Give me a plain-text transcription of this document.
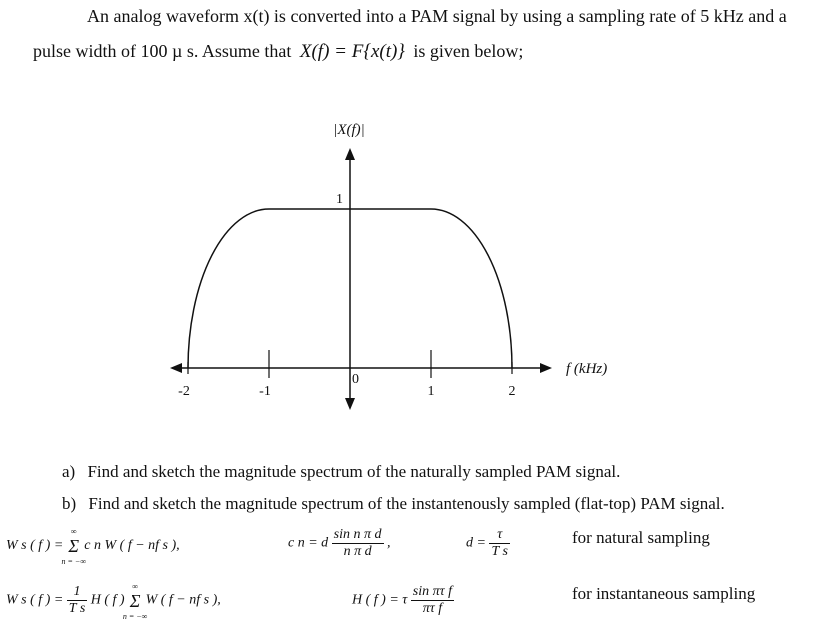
An analog waveform x(t) is converted into a PAM signal by using a sampling rate of 5 kHz and a
pulse width of 100 µ s. Assume that X(f) = F{x(t)} is given below;
|X(f)|
f (kHz)
1
0
-2	-1	1	2
a) Find and sketch the magnitude spectrum of the naturally sampled PAM signal.
b) Find and sketch the magnitude spectrum of the instantenously sampled (flat-top) PAM signal.
W s ( f ) = Σ
∞
n = −∞
c n W ( f − nf s ),	c n = d $\frac{\text{sin n π d}}{\text{n π d}}$ ,	$d = \frac{\tau}{\text{T s}}$	for natural sampling
W s ( f ) = $\frac{1}{\text{T s}}$ H ( f ) Σ
∞
n = −∞
W ( f − nf s ),	H ( f ) = τ $\frac{\text{sin πτ f}}{\text{πτ f}}$	for instantaneous sampling
